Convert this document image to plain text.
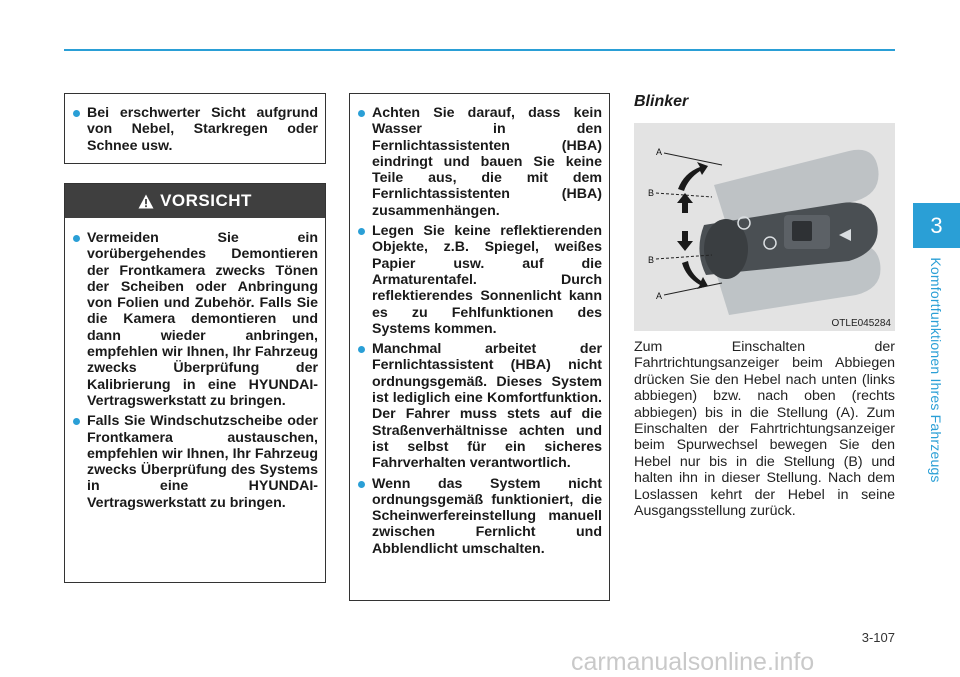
Bei erschwerter Sicht aufgrund von Nebel, Starkregen oder Schnee usw.
VORSICHT
Vermeiden Sie ein vorübergehendes Demontieren der Frontkamera zwecks Tönen der Scheiben oder Anbringung von Folien und Zubehör. Falls Sie die Kamera demontieren und dann wieder anbringen, empfehlen wir Ihnen, Ihr Fahrzeug zwecks Überprüfung der Kalibrierung in eine HYUNDAI-Vertragswerkstatt zu bringen.
Falls Sie Windschutzscheibe oder Frontkamera austauschen, empfehlen wir Ihnen, Ihr Fahrzeug zwecks Überprüfung des Systems in eine HYUNDAI-Vertragswerkstatt zu bringen.
Achten Sie darauf, dass kein Wasser in den Fernlichtassistenten (HBA) eindringt und bauen Sie keine Teile aus, die mit dem Fernlichtassistenten (HBA) zusammenhängen.
Legen Sie keine reflektierenden Objekte, z.B. Spiegel, weißes Papier usw. auf die Armaturentafel. Durch reflektierendes Sonnenlicht kann es zu Fehlfunktionen des Systems kommen.
Manchmal arbeitet der Fernlichtassistent (HBA) nicht ordnungsgemäß. Dieses System ist lediglich eine Komfortfunktion. Der Fahrer muss stets auf die Straßenverhältnisse achten und ist selbst für ein sicheres Fahrverhalten verantwortlich.
Wenn das System nicht ordnungsgemäß funktioniert, die Scheinwerfereinstellung manuell zwischen Fernlicht und Abblendlicht umschalten.
Blinker
A
B
B
A
OTLE045284

Zum Einschalten der Fahrtrichtungsanzeiger beim Abbiegen drücken Sie den Hebel nach unten (links abbiegen) bzw. nach oben (rechts abbiegen) bis in die Stellung (A). Zum Einschalten der Fahrtrichtungsanzeiger beim Spurwechsel bewegen Sie den Hebel nur bis in die Stellung (B) und halten ihn in dieser Stellung. Nach dem Loslassen kehrt der Hebel in seine Ausgangsstellung zurück.

3
Komfortfunktionen Ihres Fahrzeugs
3-107
carmanualsonline.info
